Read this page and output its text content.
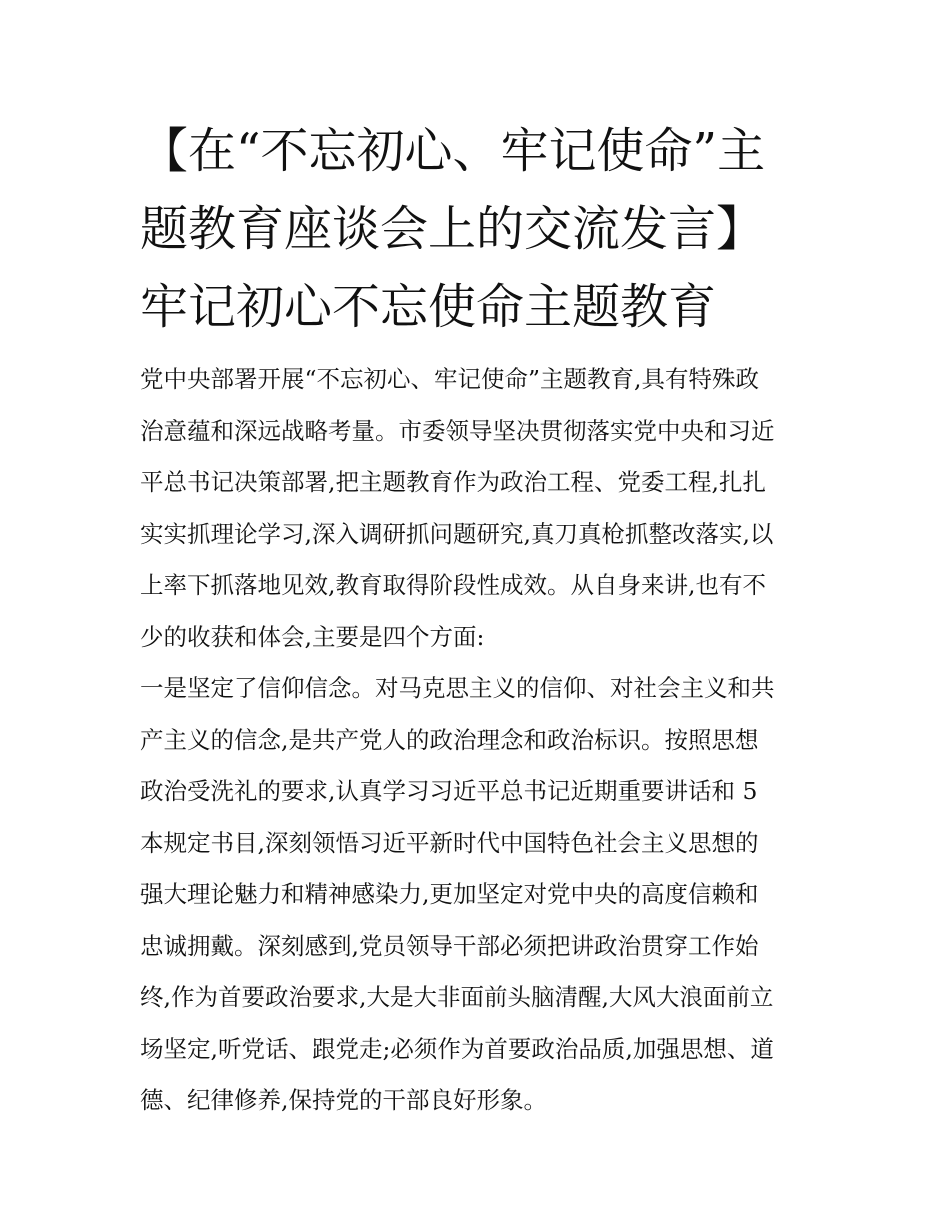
【在“不忘初心、牢记使命”主
题教育座谈会上的交流发言】
牢记初心不忘使命主题教育
党中央部署开展“不忘初心、牢记使命”主题教育,具有特殊政
治意蕴和深远战略考量。市委领导坚决贯彻落实党中央和习近
平总书记决策部署,把主题教育作为政治工程、党委工程,扎扎
实实抓理论学习,深入调研抓问题研究,真刀真枪抓整改落实,以
上率下抓落地见效,教育取得阶段性成效。从自身来讲,也有不
少的收获和体会,主要是四个方面:
一是坚定了信仰信念。对马克思主义的信仰、对社会主义和共
产主义的信念,是共产党人的政治理念和政治标识。按照思想
政治受洗礼的要求,认真学习习近平总书记近期重要讲话和 5
本规定书目,深刻领悟习近平新时代中国特色社会主义思想的
强大理论魅力和精神感染力,更加坚定对党中央的高度信赖和
忠诚拥戴。深刻感到,党员领导干部必须把讲政治贯穿工作始
终,作为首要政治要求,大是大非面前头脑清醒,大风大浪面前立
场坚定,听党话、跟党走;必须作为首要政治品质,加强思想、道
德、纪律修养,保持党的干部良好形象。
